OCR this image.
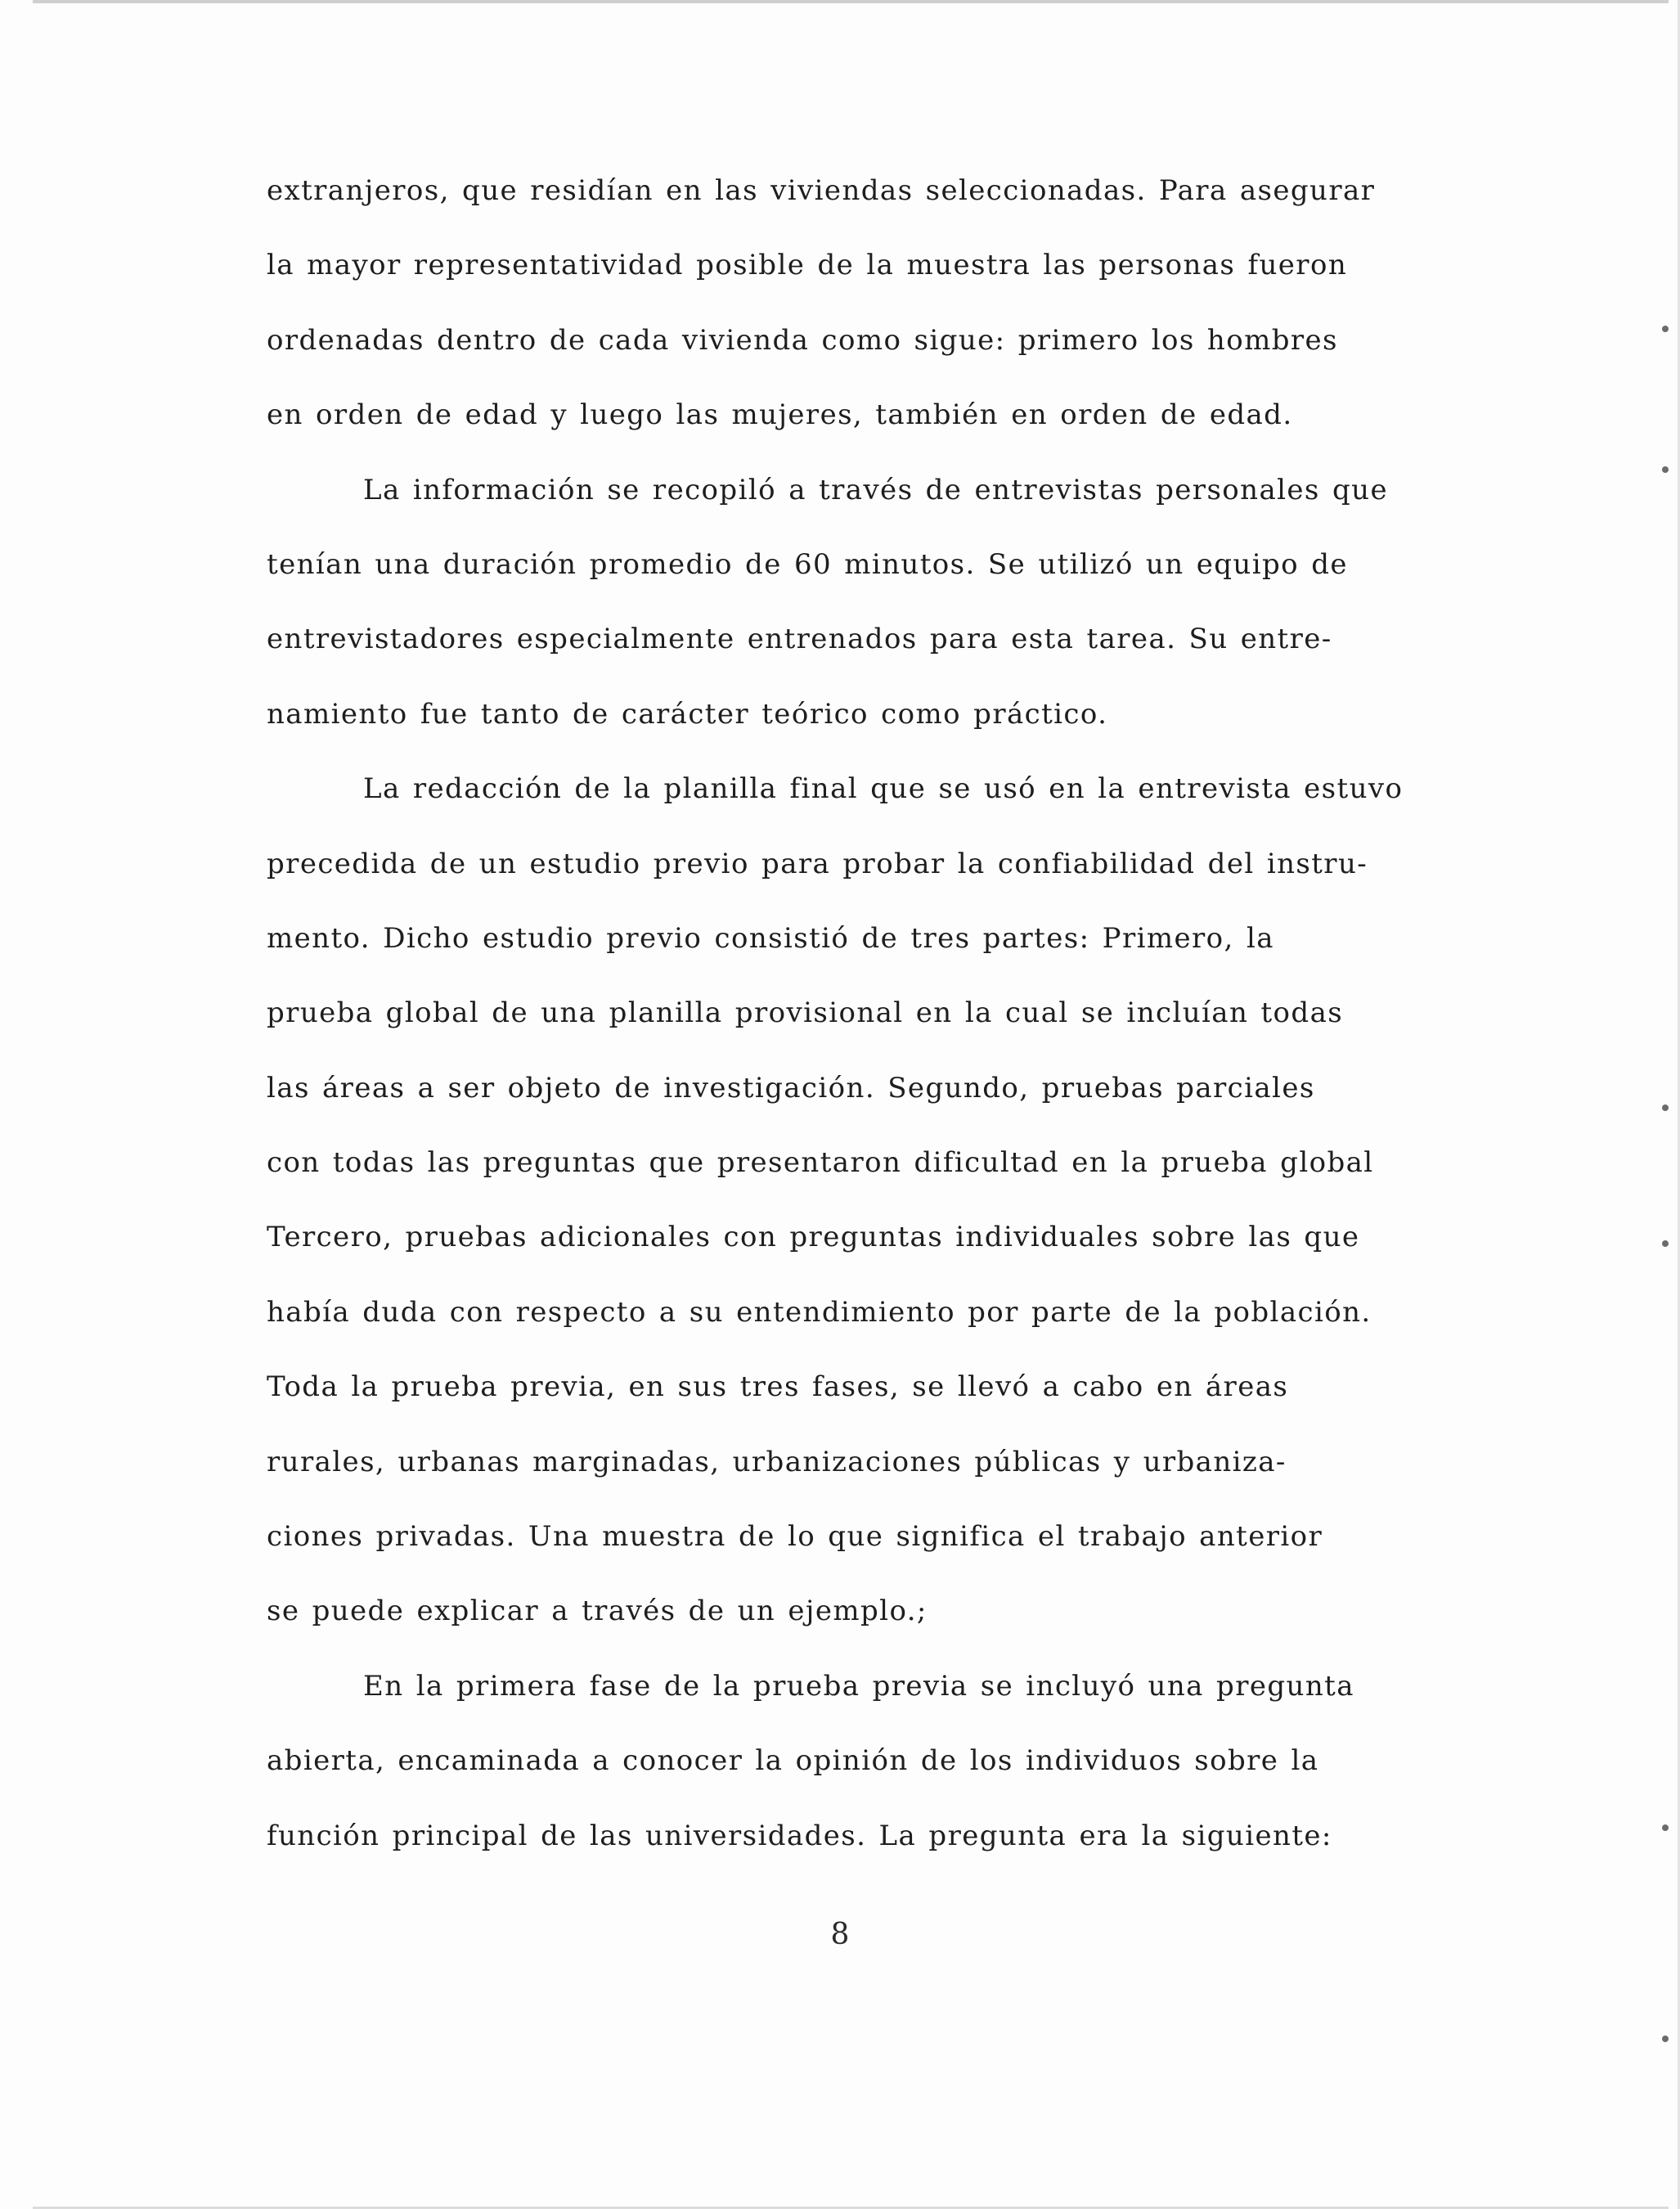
extranjeros, que residían en las viviendas seleccionadas. Para asegurar
la mayor representatividad posible de la muestra las personas fueron
ordenadas dentro de cada vivienda como sigue: primero los hombres
en orden de edad y luego las mujeres, también en orden de edad.
La información se recopiló a través de entrevistas personales que
tenían una duración promedio de 60 minutos. Se utilizó un equipo de
entrevistadores especialmente entrenados para esta tarea. Su entre-
namiento fue tanto de carácter teórico como práctico.
La redacción de la planilla final que se usó en la entrevista estuvo
precedida de un estudio previo para probar la confiabilidad del instru-
mento. Dicho estudio previo consistió de tres partes: Primero, la
prueba global de una planilla provisional en la cual se incluían todas
las áreas a ser objeto de investigación. Segundo, pruebas parciales
con todas las preguntas que presentaron dificultad en la prueba global
Tercero, pruebas adicionales con preguntas individuales sobre las que
había duda con respecto a su entendimiento por parte de la población.
Toda la prueba previa, en sus tres fases, se llevó a cabo en áreas
rurales, urbanas marginadas, urbanizaciones públicas y urbaniza-
ciones privadas. Una muestra de lo que significa el trabajo anterior
se puede explicar a través de un ejemplo.;
En la primera fase de la prueba previa se incluyó una pregunta
abierta, encaminada a conocer la opinión de los individuos sobre la
función principal de las universidades. La pregunta era la siguiente:
8
